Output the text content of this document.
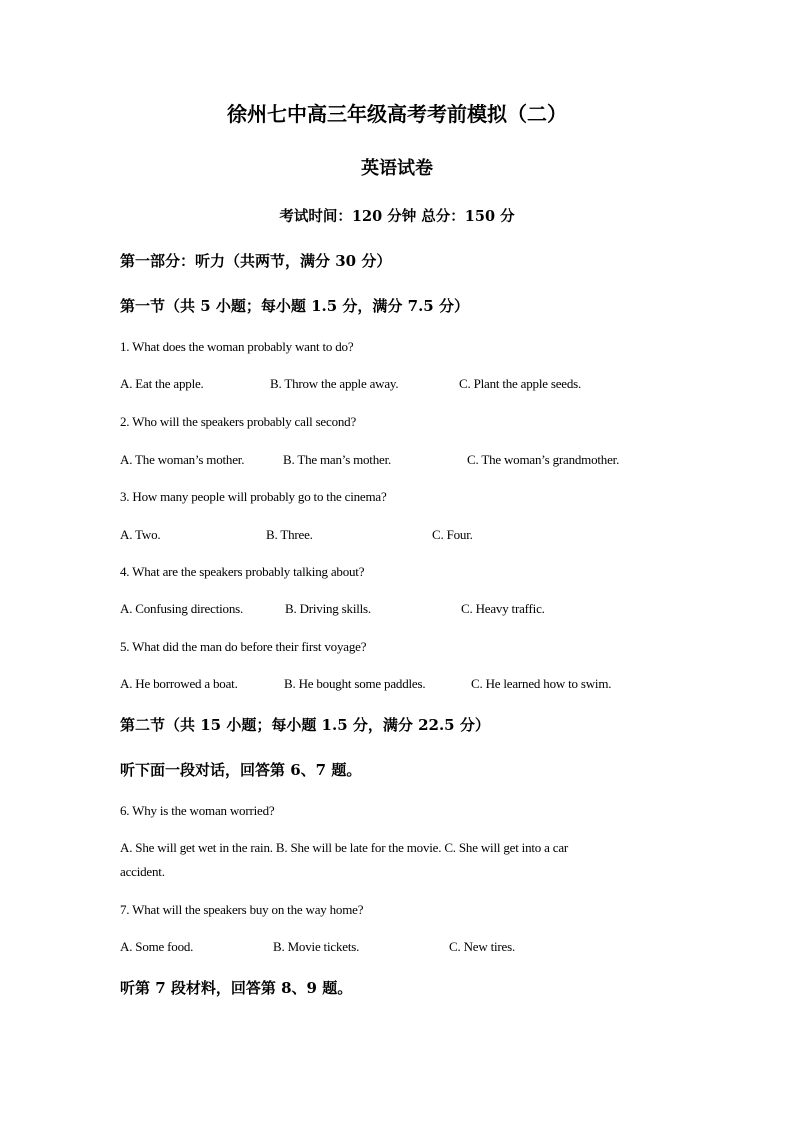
徐州七中高三年级高考考前模拟（二）
英语试卷
考试时间：120 分钟 总分：150 分
第一部分：听力（共两节，满分 30 分）
第一节（共 5 小题；每小题 1.5 分，满分 7.5 分）
1. What does the woman probably want to do?
A. Eat the apple.	B. Throw the apple away.	C. Plant the apple seeds.
2. Who will the speakers probably call second?
A. The woman’s mother.	B. The man’s mother.	C. The woman’s grandmother.
3. How many people will probably go to the cinema?
A. Two.	B. Three.	C. Four.
4. What are the speakers probably talking about?
A. Confusing directions.	B. Driving skills.	C. Heavy traffic.
5. What did the man do before their first voyage?
A. He borrowed a boat.	B. He bought some paddles.	C. He learned how to swim.
第二节（共 15 小题；每小题 1.5 分，满分 22.5 分）
听下面一段对话，回答第 6、7 题。
6. Why is the woman worried?
A. She will get wet in the rain. B. She will be late for the movie. C. She will get into a car
accident.
7. What will the speakers buy on the way home?
A. Some food.	B. Movie tickets.	C. New tires.
听第 7 段材料，回答第 8、9 题。
